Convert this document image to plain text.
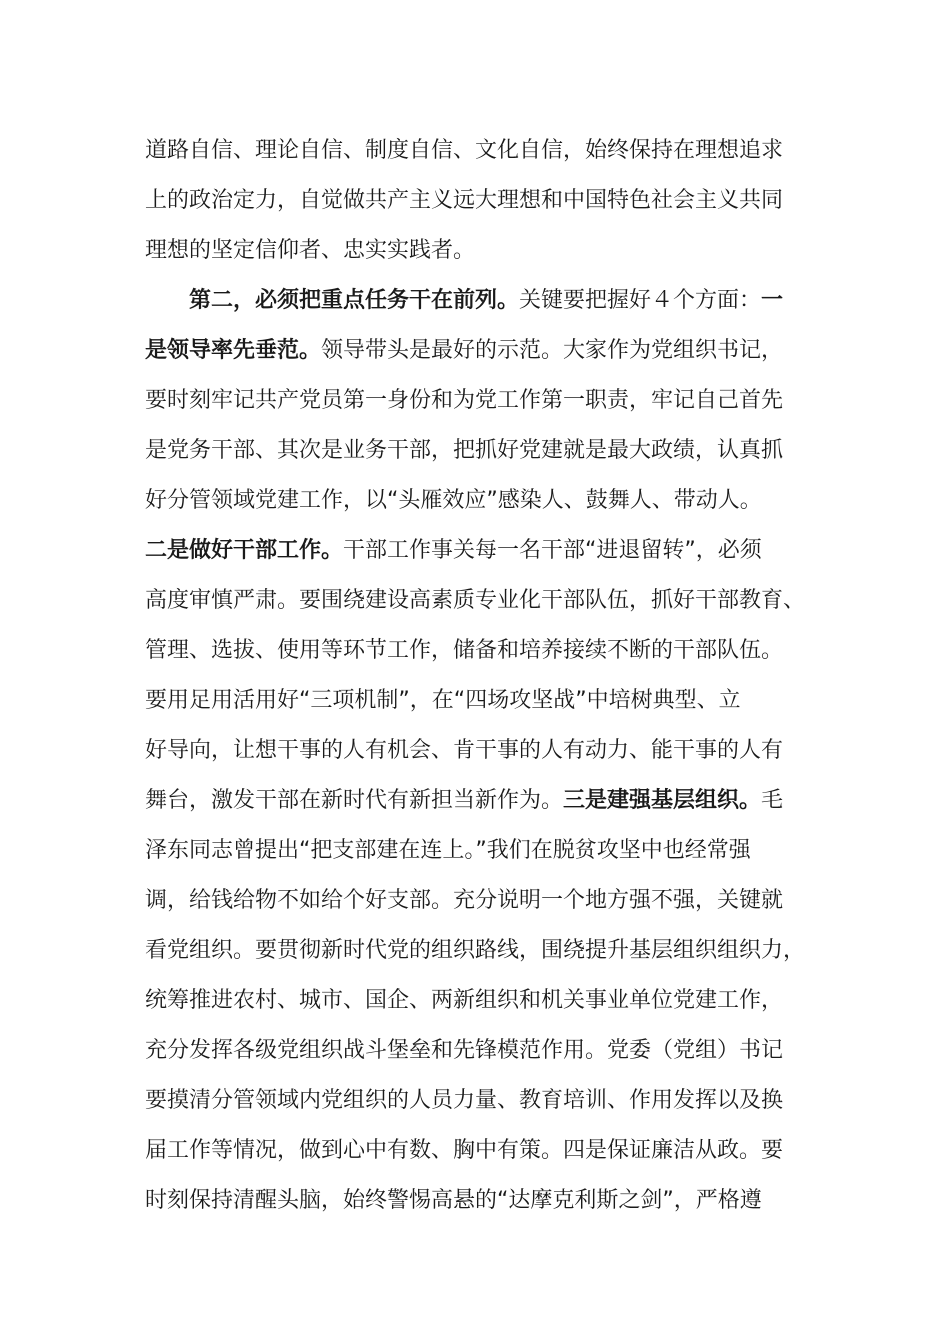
道路自信、理论自信、制度自信、文化自信，始终保持在理想追求
上的政治定力，自觉做共产主义远大理想和中国特色社会主义共同
理想的坚定信仰者、忠实实践者。
第二，必须把重点任务干在前列。关键要把握好４个方面：一
是领导率先垂范。领导带头是最好的示范。大家作为党组织书记，
要时刻牢记共产党员第一身份和为党工作第一职责，牢记自己首先
是党务干部、其次是业务干部，把抓好党建就是最大政绩，认真抓
好分管领域党建工作，以“头雁效应”感染人、鼓舞人、带动人。
二是做好干部工作。干部工作事关每一名干部“进退留转”，必须
高度审慎严肃。要围绕建设高素质专业化干部队伍，抓好干部教育、
管理、选拔、使用等环节工作，储备和培养接续不断的干部队伍。
要用足用活用好“三项机制”，在“四场攻坚战”中培树典型、立
好导向，让想干事的人有机会、肯干事的人有动力、能干事的人有
舞台，激发干部在新时代有新担当新作为。三是建强基层组织。毛
泽东同志曾提出“把支部建在连上。”我们在脱贫攻坚中也经常强
调，给钱给物不如给个好支部。充分说明一个地方强不强，关键就
看党组织。要贯彻新时代党的组织路线，围绕提升基层组织组织力，
统筹推进农村、城市、国企、两新组织和机关事业单位党建工作，
充分发挥各级党组织战斗堡垒和先锋模范作用。党委（党组）书记
要摸清分管领域内党组织的人员力量、教育培训、作用发挥以及换
届工作等情况，做到心中有数、胸中有策。四是保证廉洁从政。要
时刻保持清醒头脑，始终警惕高悬的“达摩克利斯之剑”，严格遵
